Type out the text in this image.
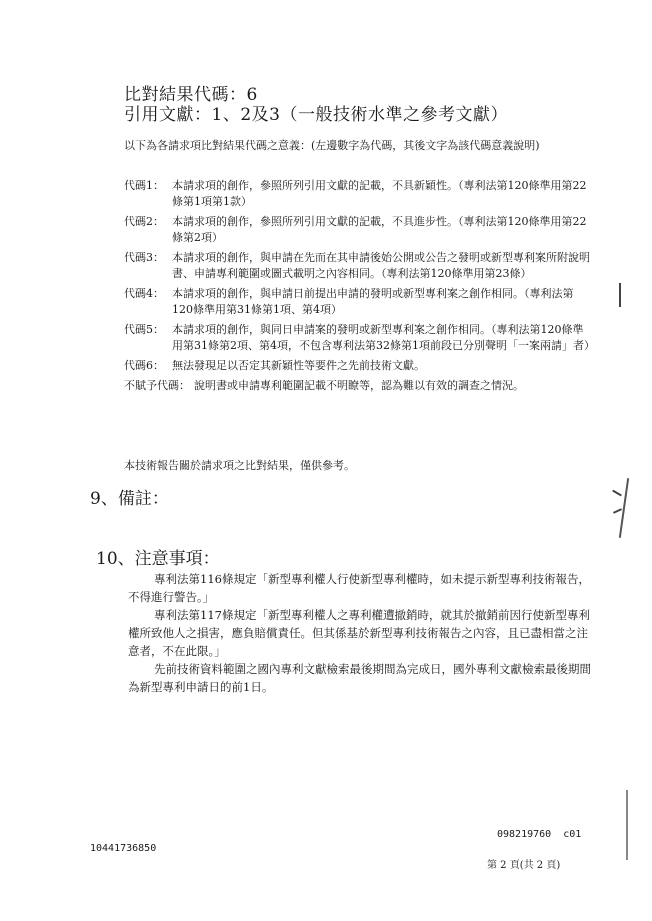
比對結果代碼：6
引用文獻：1、2及3（一般技術水準之參考文獻）
以下為各請求項比對結果代碼之意義：(左邊數字為代碼，其後文字為該代碼意義說明)
代碼1： 本請求項的創作，參照所列引用文獻的記載，不具新穎性。（專利法第120條準用第22條第1項第1款）
代碼2： 本請求項的創作，參照所列引用文獻的記載，不具進步性。（專利法第120條準用第22條第2項）
代碼3： 本請求項的創作，與申請在先而在其申請後始公開或公告之發明或新型專利案所附說明書、申請專利範圍或圖式載明之內容相同。（專利法第120條準用第23條）
代碼4： 本請求項的創作，與申請日前提出申請的發明或新型專利案之創作相同。（專利法第120條準用第31條第1項、第4項）
代碼5： 本請求項的創作，與同日申請案的發明或新型專利案之創作相同。（專利法第120條準用第31條第2項、第4項，不包含專利法第32條第1項前段已分別聲明「一案兩請」者）
代碼6： 無法發現足以否定其新穎性等要件之先前技術文獻。
不賦予代碼： 說明書或申請專利範圍記載不明瞭等，認為難以有效的調查之情況。
本技術報告關於請求項之比對結果，僅供參考。
9、備註：
10、注意事項：
專利法第116條規定「新型專利權人行使新型專利權時，如未提示新型專利技術報告，不得進行警告。」
專利法第117條規定「新型專利權人之專利權遭撤銷時，就其於撤銷前因行使新型專利權所致他人之損害，應負賠償責任。但其係基於新型專利技術報告之內容，且已盡相當之注意者，不在此限。」
先前技術資料範圍之國內專利文獻檢索最後期間為完成日，國外專利文獻檢索最後期間為新型專利申請日的前1日。
10441736850
098219760  c01
第 2 頁(共 2 頁)
